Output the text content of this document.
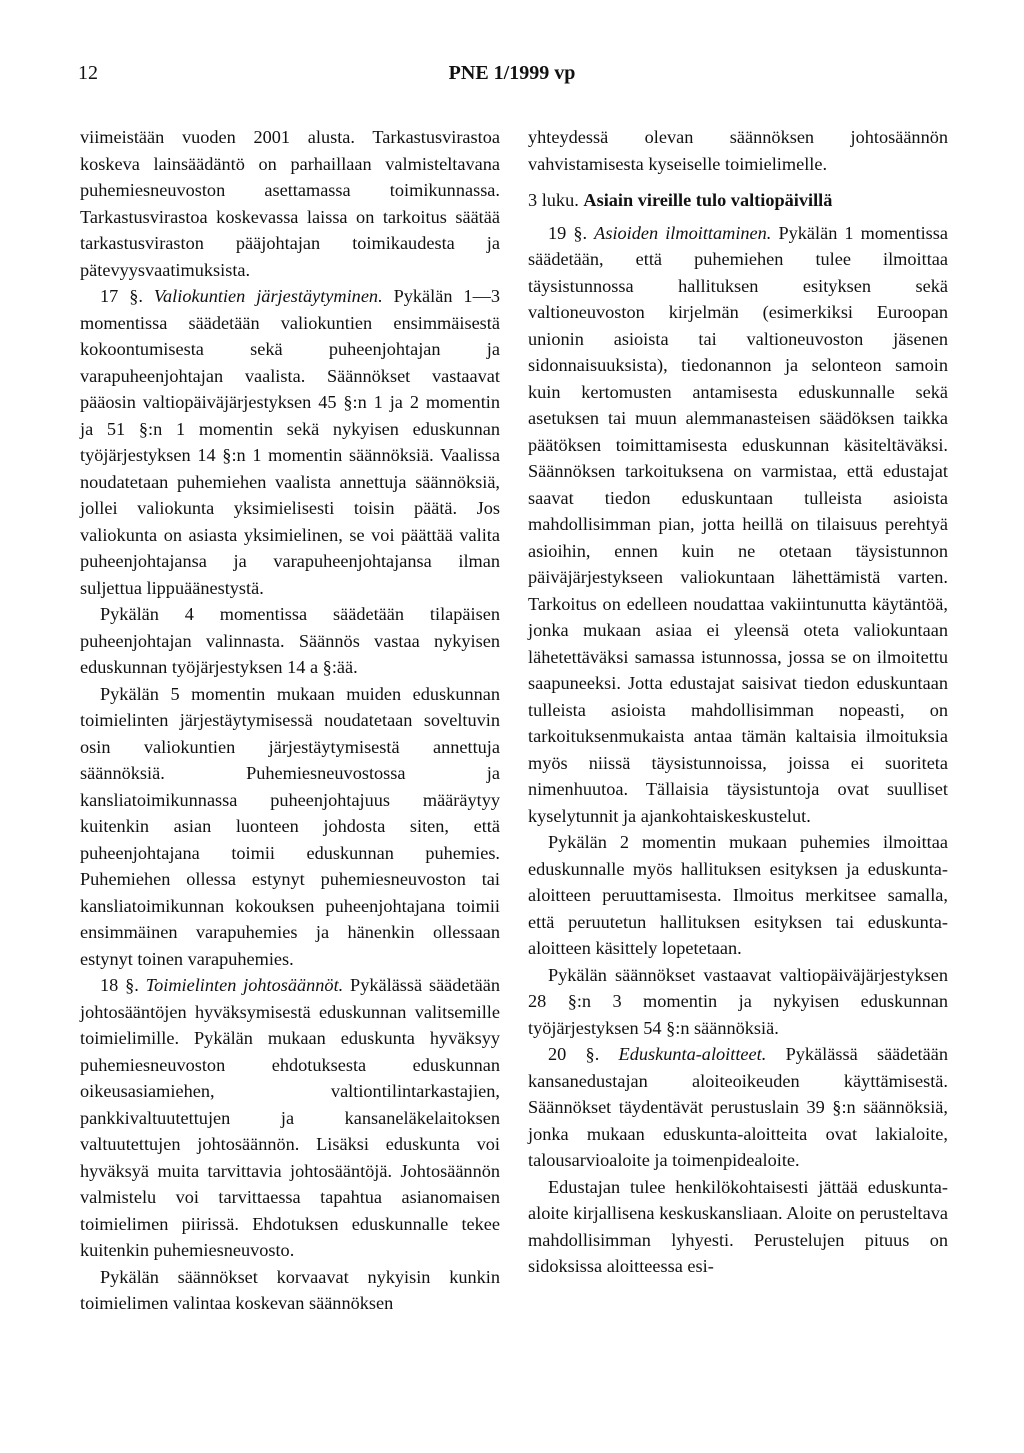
12	PNE 1/1999 vp

viimeistään vuoden 2001 alusta. Tarkastusvirastoa koskeva lainsäädäntö on parhaillaan valmisteltavana puhemiesneuvoston asettamassa toimikunnassa. Tarkastusvirastoa koskevassa laissa on tarkoitus säätää tarkastusviraston pääjohtajan toimikaudesta ja pätevyysvaatimuksista.

17 §. Valiokuntien järjestäytyminen. Pykälän 1—3 momentissa säädetään valiokuntien ensimmäisestä kokoontumisesta sekä puheenjohtajan ja varapuheenjohtajan vaalista. Säännökset vastaavat pääosin valtiopäiväjärjestyksen 45 §:n 1 ja 2 momentin ja 51 §:n 1 momentin sekä nykyisen eduskunnan työjärjestyksen 14 §:n 1 momentin säännöksiä. Vaalissa noudatetaan puhemiehen vaalista annettuja säännöksiä, jollei valiokunta yksimielisesti toisin päätä. Jos valiokunta on asiasta yksimielinen, se voi päättää valita puheenjohtajansa ja varapuheenjohtajansa ilman suljettua lippuäänestystä.

Pykälän 4 momentissa säädetään tilapäisen puheenjohtajan valinnasta. Säännös vastaa nykyisen eduskunnan työjärjestyksen 14 a §:ää.

Pykälän 5 momentin mukaan muiden eduskunnan toimielinten järjestäytymisessä noudatetaan soveltuvin osin valiokuntien järjestäytymisestä annettuja säännöksiä. Puhemiesneuvostossa ja kansliatoimikunnassa puheenjohtajuus määräytyy kuitenkin asian luonteen johdosta siten, että puheenjohtajana toimii eduskunnan puhemies. Puhemiehen ollessa estynyt puhemiesneuvoston tai kansliatoimikunnan kokouksen puheenjohtajana toimii ensimmäinen varapuhemies ja hänenkin ollessaan estynyt toinen varapuhemies.

18 §. Toimielinten johtosäännöt. Pykälässä säädetään johtosääntöjen hyväksymisestä eduskunnan valitsemille toimielimille. Pykälän mukaan eduskunta hyväksyy puhemiesneuvoston ehdotuksesta eduskunnan oikeusasiamiehen, valtiontilintarkastajien, pankkivaltuutettujen ja kansaneläkelaitoksen valtuutettujen johtosäännön. Lisäksi eduskunta voi hyväksyä muita tarvittavia johtosääntöjä. Johtosäännön valmistelu voi tarvittaessa tapahtua asianomaisen toimielimen piirissä. Ehdotuksen eduskunnalle tekee kuitenkin puhemiesneuvosto.

Pykälän säännökset korvaavat nykyisin kunkin toimielimen valintaa koskevan säännöksen

yhteydessä olevan säännöksen johtosäännön vahvistamisesta kyseiselle toimielimelle.

3 luku. Asiain vireille tulo valtiopäivillä

19 §. Asioiden ilmoittaminen. Pykälän 1 momentissa säädetään, että puhemiehen tulee ilmoittaa täysistunnossa hallituksen esityksen sekä valtioneuvoston kirjelmän (esimerkiksi Euroopan unionin asioista tai valtioneuvoston jäsenen sidonnaisuuksista), tiedonannon ja selonteon samoin kuin kertomusten antamisesta eduskunnalle sekä asetuksen tai muun alemmanasteisen säädöksen taikka päätöksen toimittamisesta eduskunnan käsiteltäväksi. Säännöksen tarkoituksena on varmistaa, että edustajat saavat tiedon eduskuntaan tulleista asioista mahdollisimman pian, jotta heillä on tilaisuus perehtyä asioihin, ennen kuin ne otetaan täysistunnon päiväjärjestykseen valiokuntaan lähettämistä varten. Tarkoitus on edelleen noudattaa vakiintunutta käytäntöä, jonka mukaan asiaa ei yleensä oteta valiokuntaan lähetettäväksi samassa istunnossa, jossa se on ilmoitettu saapuneeksi. Jotta edustajat saisivat tiedon eduskuntaan tulleista asioista mahdollisimman nopeasti, on tarkoituksenmukaista antaa tämän kaltaisia ilmoituksia myös niissä täysistunnoissa, joissa ei suoriteta nimenhuutoa. Tällaisia täysistuntoja ovat suulliset kyselytunnit ja ajankohtaiskeskustelut.

Pykälän 2 momentin mukaan puhemies ilmoittaa eduskunnalle myös hallituksen esityksen ja eduskunta-aloitteen peruuttamisesta. Ilmoitus merkitsee samalla, että peruutetun hallituksen esityksen tai eduskunta-aloitteen käsittely lopetetaan.

Pykälän säännökset vastaavat valtiopäiväjärjestyksen 28 §:n 3 momentin ja nykyisen eduskunnan työjärjestyksen 54 §:n säännöksiä.

20 §. Eduskunta-aloitteet. Pykälässä säädetään kansanedustajan aloiteoikeuden käyttämisestä. Säännökset täydentävät perustuslain 39 §:n säännöksiä, jonka mukaan eduskunta-aloitteita ovat lakialoite, talousarvioaloite ja toimenpidealoite.

Edustajan tulee henkilökohtaisesti jättää eduskunta-aloite kirjallisena keskuskansliaan. Aloite on perusteltava mahdollisimman lyhyesti. Perustelujen pituus on sidoksissa aloitteessa esi-
